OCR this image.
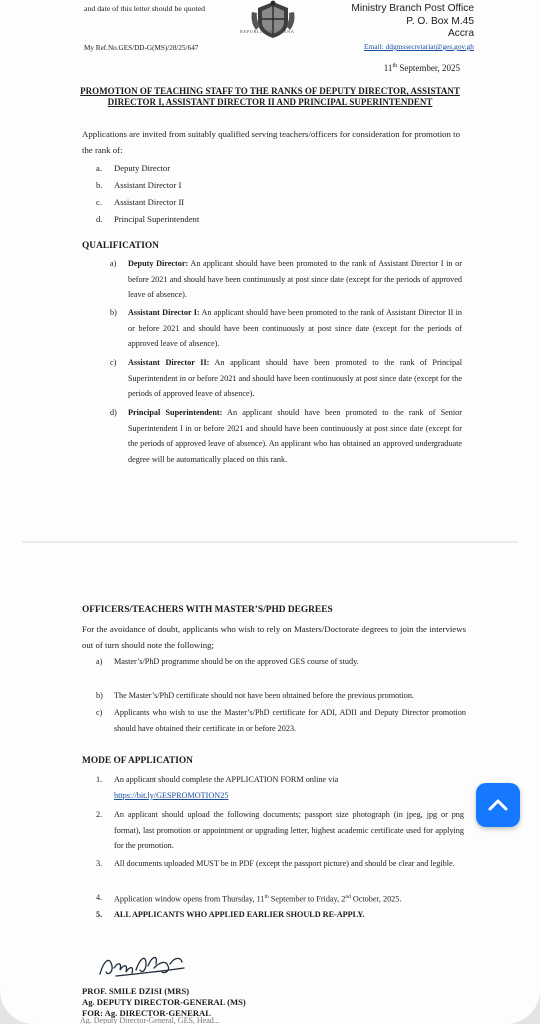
and date of this letter should be quoted
My Ref.No.GES/DD-G(MS)/28/25/647
REPUBLIC OF GHANA
Ministry Branch Post Office
P. O. Box M.45
Accra
Email: ddgmssecretariat@ges.gov.gh
11th September, 2025
PROMOTION OF TEACHING STAFF TO THE RANKS OF DEPUTY DIRECTOR, ASSISTANT DIRECTOR I, ASSISTANT DIRECTOR II AND PRINCIPAL SUPERINTENDENT
Applications are invited from suitably qualified serving teachers/officers for consideration for promotion to the rank of:
a. Deputy Director
b. Assistant Director I
c. Assistant Director II
d. Principal Superintendent
QUALIFICATION
a) Deputy Director: An applicant should have been promoted to the rank of Assistant Director I in or before 2021 and should have been continuously at post since date (except for the periods of approved leave of absence).
b) Assistant Director I: An applicant should have been promoted to the rank of Assistant Director II in or before 2021 and should have been continuously at post since date (except for the periods of approved leave of absence).
c) Assistant Director II: An applicant should have been promoted to the rank of Principal Superintendent in or before 2021 and should have been continuously at post since date (except for the periods of approved leave of absence).
d) Principal Superintendent: An applicant should have been promoted to the rank of Senior Superintendent I in or before 2021 and should have been continuously at post since date (except for the periods of approved leave of absence). An applicant who has obtained an approved undergraduate degree will be automatically placed on this rank.
OFFICERS/TEACHERS WITH MASTER’S/PHD DEGREES
For the avoidance of doubt, applicants who wish to rely on Masters/Doctorate degrees to join the interviews out of turn should note the following;
a) Master’s/PhD programme should be on the approved GES course of study.
b) The Master’s/PhD certificate should not have been obtained before the previous promotion.
c) Applicants who wish to use the Master’s/PhD certificate for ADI, ADII and Deputy Director promotion should have obtained their certificate in or before 2023.
MODE OF APPLICATION
1. An applicant should complete the APPLICATION FORM online via
https://bit.ly/GESPROMOTION25
2. An applicant should upload the following documents; passport size photograph (in jpeg, jpg or png format), last promotion or appointment or upgrading letter, highest academic certificate used for applying for the promotion.
3. All documents uploaded MUST be in PDF (except the passport picture) and should be clear and legible.
4. Application window opens from Thursday, 11th September to Friday, 2nd October, 2025.
5. ALL APPLICANTS WHO APPLIED EARLIER SHOULD RE-APPLY.
PROF. SMILE DZISI (MRS)
Ag. DEPUTY DIRECTOR-GENERAL (MS)
FOR: Ag. DIRECTOR-GENERAL
Ag. Deputy Director-General, GES, Head...
